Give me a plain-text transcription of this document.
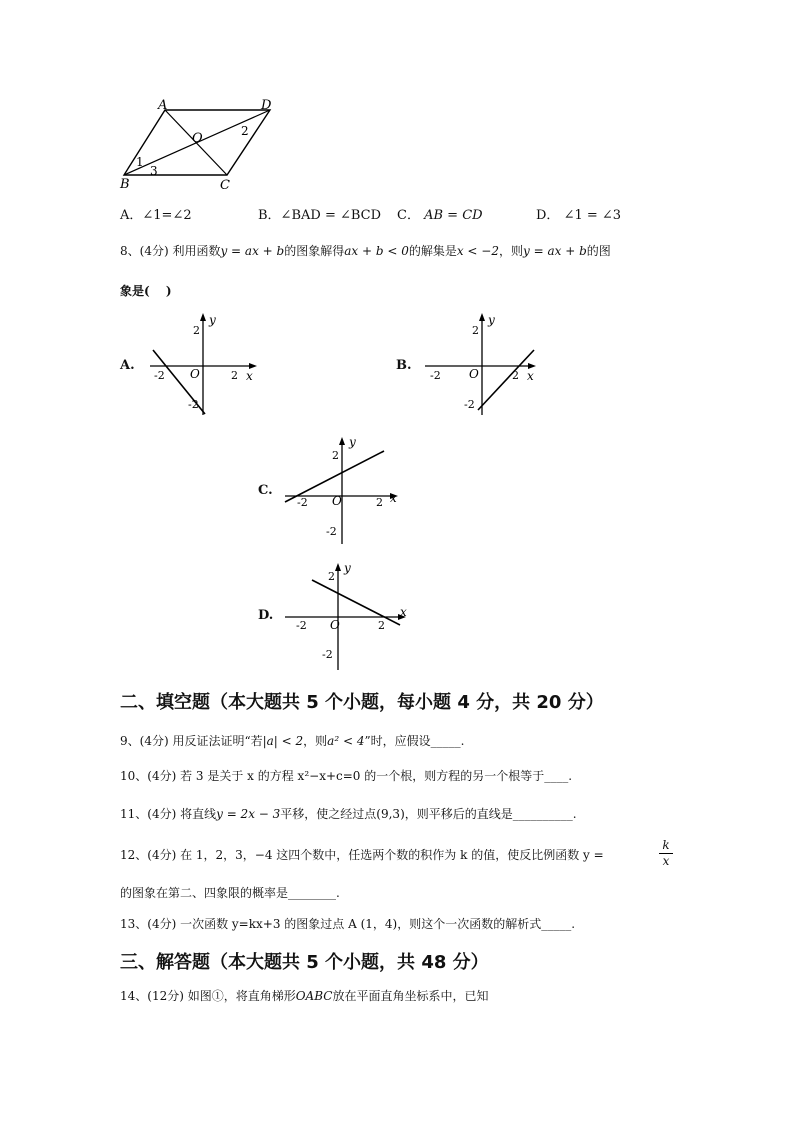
A	D
O
B	C
1
2
3
A．∠1=∠2	B．∠BAD = ∠BCD C． AB = CD	D． ∠1 = ∠3
8、(4分) 利用函数y = ax + b的图象解得ax + b < 0的解集是x < −2，则y = ax + b的图
象是(　 )
A.
y
x
O
-2	2
2
-2
B.
y
x
O
-2	2
2
-2
C.
y
x
O
-2	2
2
-2
D.
y
x
O
-2	2
2
-2
二、填空题（本大题共 5 个小题，每小题 4 分，共 20 分）
9、(4分) 用反证法证明“若|a| < 2，则a² < 4”时，应假设_____.
10、(4分) 若 3 是关于 x 的方程 x²−x+c=0 的一个根，则方程的另一个根等于____.
11、(4分) 将直线y = 2x − 3平移，使之经过点(9,3)，则平移后的直线是__________.
12、(4分) 在 1，2，3，−4 这四个数中，任选两个数的积作为 k 的值，使反比例函数 y =	$\frac{k}{x}$
的图象在第二、四象限的概率是________.
13、(4分) 一次函数 y=kx+3 的图象过点 A (1，4)，则这个一次函数的解析式_____.
三、解答题（本大题共 5 个小题，共 48 分）
14、(12分) 如图①，将直角梯形OABC放在平面直角坐标系中，已知
